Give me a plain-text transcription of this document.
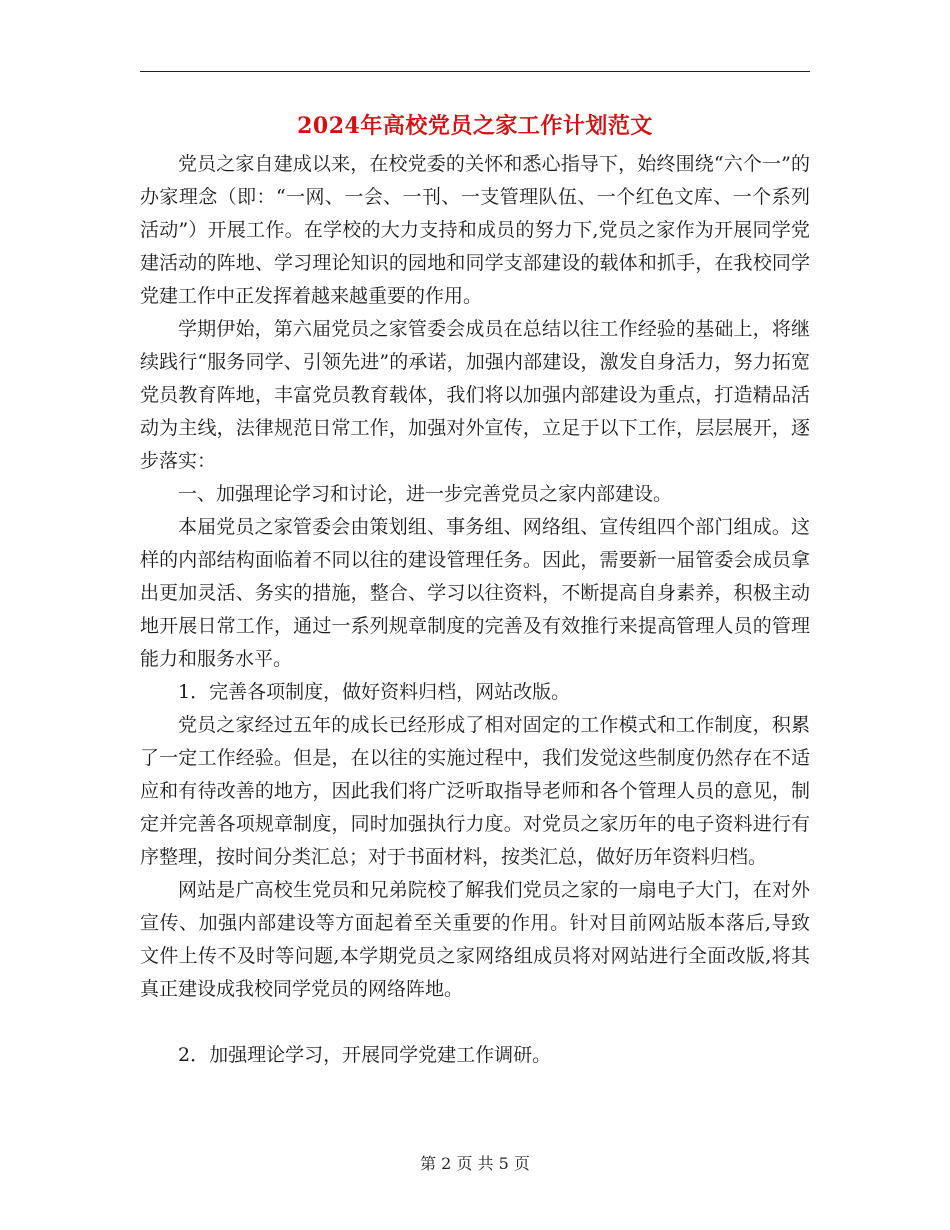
2024年高校党员之家工作计划范文

党员之家自建成以来，在校党委的关怀和悉心指导下，始终围绕“六个一”的办家理念（即：“一网、一会、一刊、一支管理队伍、一个红色文库、一个系列活动”）开展工作。在学校的大力支持和成员的努力下,党员之家作为开展同学党建活动的阵地、学习理论知识的园地和同学支部建设的载体和抓手，在我校同学党建工作中正发挥着越来越重要的作用。

学期伊始，第六届党员之家管委会成员在总结以往工作经验的基础上，将继续践行“服务同学、引领先进”的承诺，加强内部建设，激发自身活力，努力拓宽党员教育阵地，丰富党员教育载体，我们将以加强内部建设为重点，打造精品活动为主线，法律规范日常工作，加强对外宣传，立足于以下工作，层层展开，逐步落实：

一、加强理论学习和讨论，进一步完善党员之家内部建设。

本届党员之家管委会由策划组、事务组、网络组、宣传组四个部门组成。这样的内部结构面临着不同以往的建设管理任务。因此，需要新一届管委会成员拿出更加灵活、务实的措施，整合、学习以往资料，不断提高自身素养，积极主动地开展日常工作，通过一系列规章制度的完善及有效推行来提高管理人员的管理能力和服务水平。

1．完善各项制度，做好资料归档，网站改版。

党员之家经过五年的成长已经形成了相对固定的工作模式和工作制度，积累了一定工作经验。但是，在以往的实施过程中，我们发觉这些制度仍然存在不适应和有待改善的地方，因此我们将广泛听取指导老师和各个管理人员的意见，制定并完善各项规章制度，同时加强执行力度。对党员之家历年的电子资料进行有序整理，按时间分类汇总；对于书面材料，按类汇总，做好历年资料归档。

网站是广高校生党员和兄弟院校了解我们党员之家的一扇电子大门，在对外宣传、加强内部建设等方面起着至关重要的作用。针对目前网站版本落后,导致文件上传不及时等问题,本学期党员之家网络组成员将对网站进行全面改版,将其真正建设成我校同学党员的网络阵地。

2．加强理论学习，开展同学党建工作调研。

第 2 页 共 5 页
